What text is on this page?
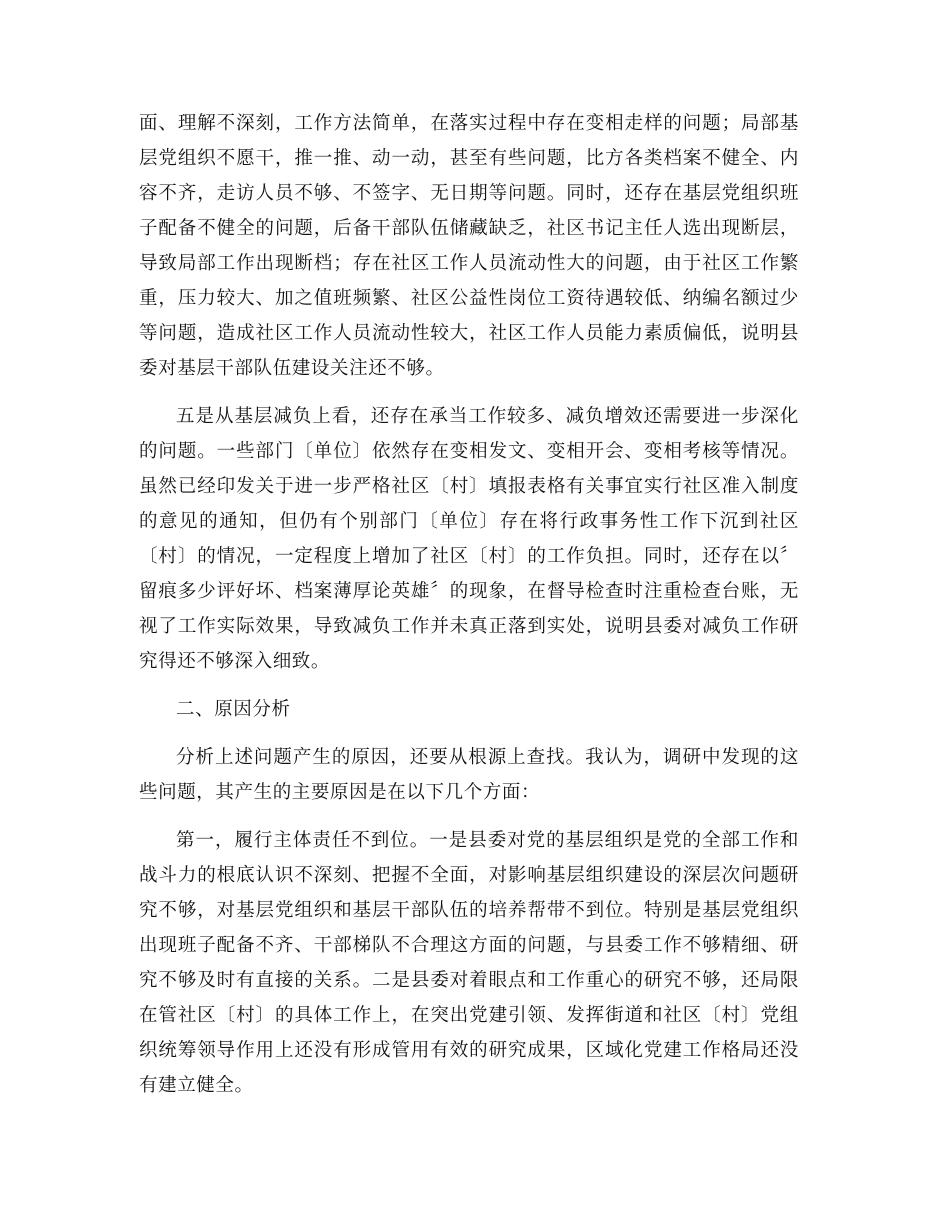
面、理解不深刻，工作方法简单，在落实过程中存在变相走样的问题；局部基层党组织不愿干，推一推、动一动，甚至有些问题，比方各类档案不健全、内容不齐，走访人员不够、不签字、无日期等问题。同时，还存在基层党组织班子配备不健全的问题，后备干部队伍储藏缺乏，社区书记主任人选出现断层，导致局部工作出现断档；存在社区工作人员流动性大的问题，由于社区工作繁重，压力较大、加之值班频繁、社区公益性岗位工资待遇较低、纳编名额过少等问题，造成社区工作人员流动性较大，社区工作人员能力素质偏低，说明县委对基层干部队伍建设关注还不够。

五是从基层减负上看，还存在承当工作较多、减负增效还需要进一步深化的问题。一些部门〔单位〕依然存在变相发文、变相开会、变相考核等情况。虽然已经印发关于进一步严格社区〔村〕填报表格有关事宜实行社区准入制度的意见的通知，但仍有个别部门〔单位〕存在将行政事务性工作下沉到社区〔村〕的情况，一定程度上增加了社区〔村〕的工作负担。同时，还存在以〞留痕多少评好坏、档案薄厚论英雄〞的现象，在督导检查时注重检查台账，无视了工作实际效果，导致减负工作并未真正落到实处，说明县委对减负工作研究得还不够深入细致。

二、原因分析

分析上述问题产生的原因，还要从根源上查找。我认为，调研中发现的这些问题，其产生的主要原因是在以下几个方面：

第一，履行主体责任不到位。一是县委对党的基层组织是党的全部工作和战斗力的根底认识不深刻、把握不全面，对影响基层组织建设的深层次问题研究不够，对基层党组织和基层干部队伍的培养帮带不到位。特别是基层党组织出现班子配备不齐、干部梯队不合理这方面的问题，与县委工作不够精细、研究不够及时有直接的关系。二是县委对着眼点和工作重心的研究不够，还局限在管社区〔村〕的具体工作上，在突出党建引领、发挥街道和社区〔村〕党组织统筹领导作用上还没有形成管用有效的研究成果，区域化党建工作格局还没有建立健全。
